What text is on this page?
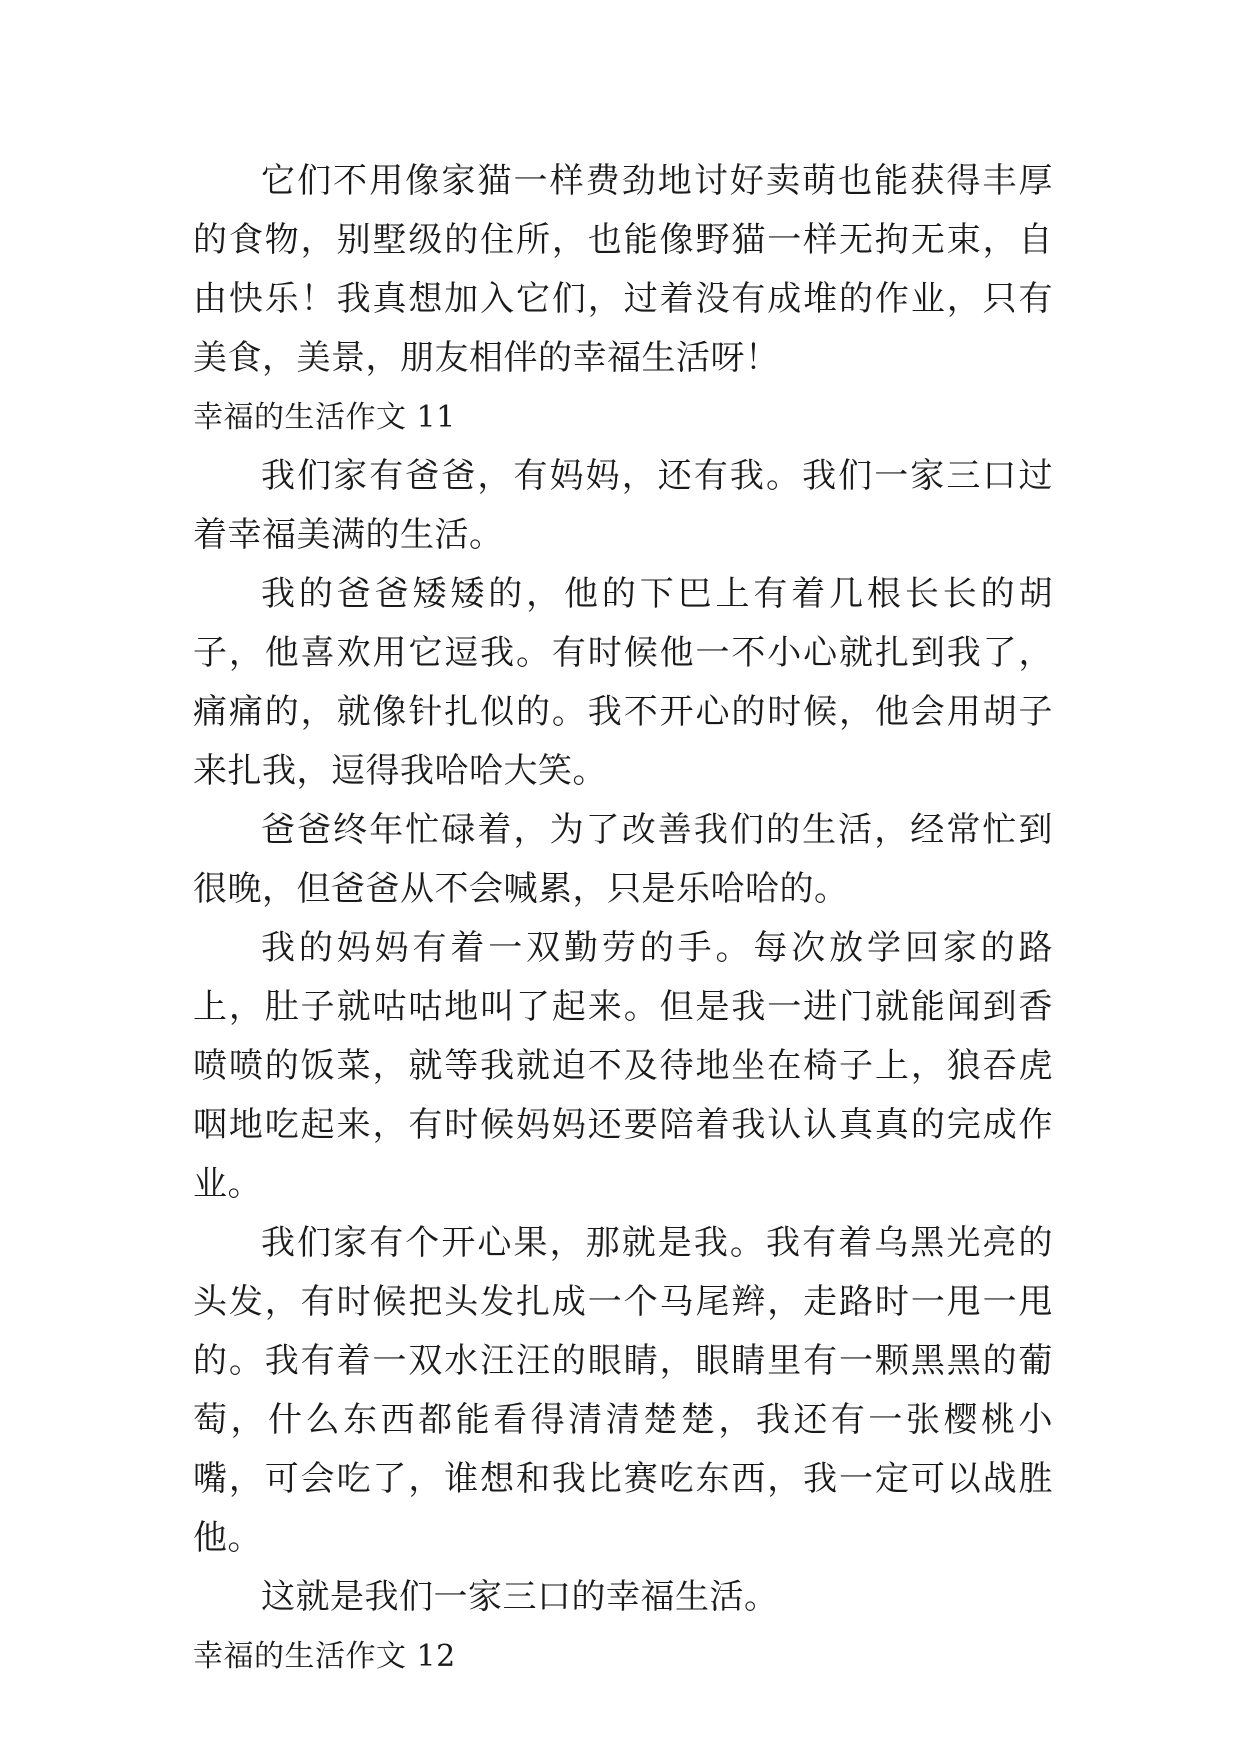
它们不用像家猫一样费劲地讨好卖萌也能获得丰厚的食物，别墅级的住所，也能像野猫一样无拘无束，自由快乐！我真想加入它们，过着没有成堆的作业，只有美食，美景，朋友相伴的幸福生活呀！

幸福的生活作文 11

我们家有爸爸，有妈妈，还有我。我们一家三口过着幸福美满的生活。

我的爸爸矮矮的，他的下巴上有着几根长长的胡子，他喜欢用它逗我。有时候他一不小心就扎到我了，痛痛的，就像针扎似的。我不开心的时候，他会用胡子来扎我，逗得我哈哈大笑。

爸爸终年忙碌着，为了改善我们的生活，经常忙到很晚，但爸爸从不会喊累，只是乐哈哈的。

我的妈妈有着一双勤劳的手。每次放学回家的路上，肚子就咕咕地叫了起来。但是我一进门就能闻到香喷喷的饭菜，就等我就迫不及待地坐在椅子上，狼吞虎咽地吃起来，有时候妈妈还要陪着我认认真真的完成作业。

我们家有个开心果，那就是我。我有着乌黑光亮的头发，有时候把头发扎成一个马尾辫，走路时一甩一甩的。我有着一双水汪汪的眼睛，眼睛里有一颗黑黑的葡萄，什么东西都能看得清清楚楚，我还有一张樱桃小嘴，可会吃了，谁想和我比赛吃东西，我一定可以战胜他。

这就是我们一家三口的幸福生活。

幸福的生活作文 12
